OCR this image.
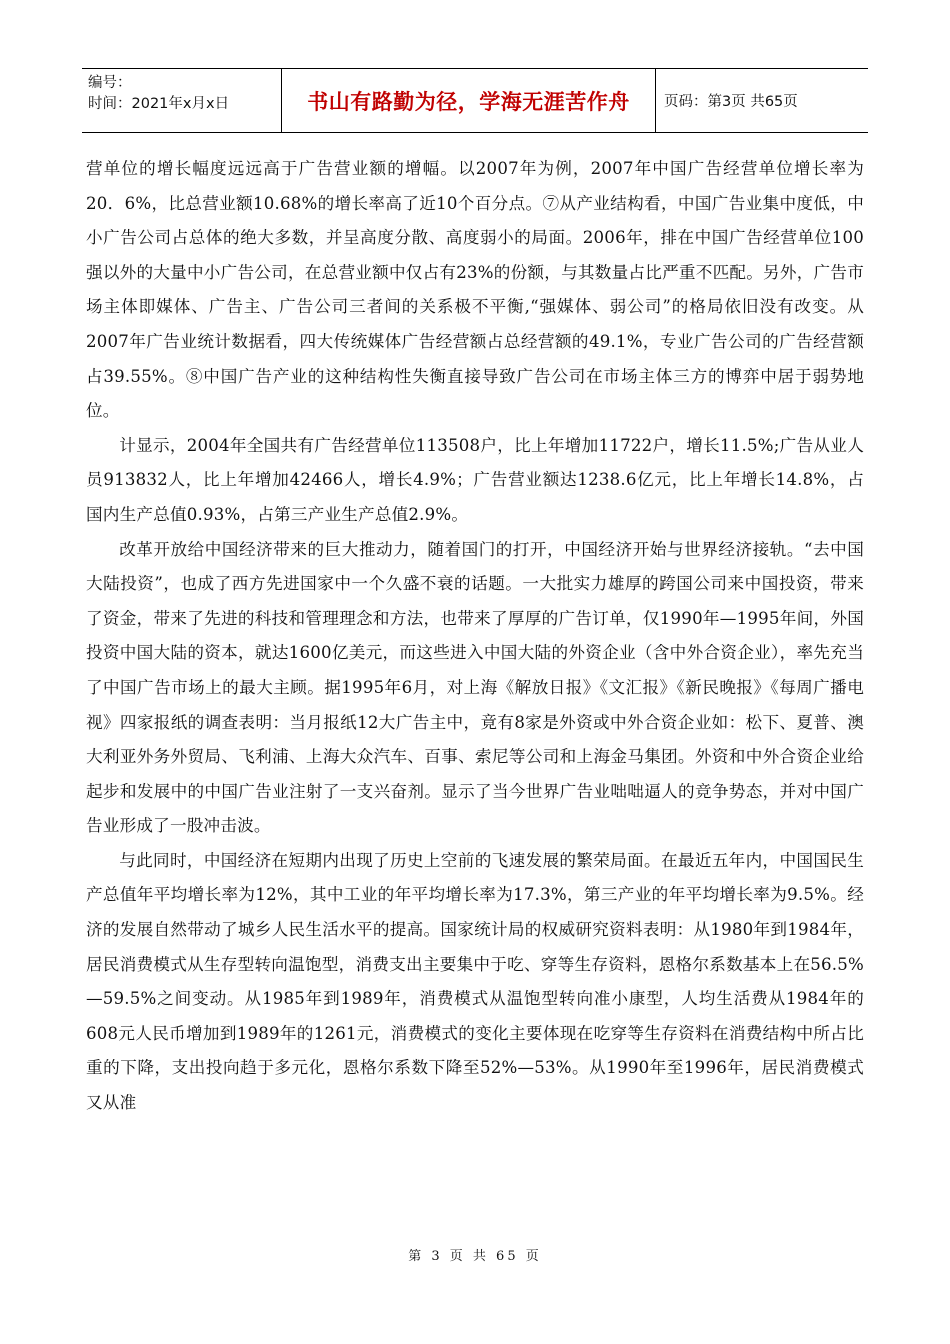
编号：
时间：2021年x月x日	书山有路勤为径，学海无涯苦作舟 页码：第3页 共65页

营单位的增长幅度远远高于广告营业额的增幅。以2007年为例，2007年中国广告经营单位增长率为20．6%，比总营业额10.68%的增长率高了近10个百分点。⑦从产业结构看，中国广告业集中度低，中小广告公司占总体的绝大多数，并呈高度分散、高度弱小的局面。2006年，排在中国广告经营单位100强以外的大量中小广告公司，在总营业额中仅占有23%的份额，与其数量占比严重不匹配。另外，广告市场主体即媒体、广告主、广告公司三者间的关系极不平衡,“强媒体、弱公司”的格局依旧没有改变。从2007年广告业统计数据看，四大传统媒体广告经营额占总经营额的49.1%，专业广告公司的广告经营额占39.55%。⑧中国广告产业的这种结构性失衡直接导致广告公司在市场主体三方的博弈中居于弱势地位。

计显示，2004年全国共有广告经营单位113508户，比上年增加11722户，增长11.5%;广告从业人员913832人，比上年增加42466人，增长4.9%；广告营业额达1238.6亿元，比上年增长14.8%，占国内生产总值0.93%，占第三产业生产总值2.9%。

改革开放给中国经济带来的巨大推动力，随着国门的打开，中国经济开始与世界经济接轨。“去中国大陆投资”，也成了西方先进国家中一个久盛不衰的话题。一大批实力雄厚的跨国公司来中国投资，带来了资金，带来了先进的科技和管理理念和方法，也带来了厚厚的广告订单，仅1990年—1995年间，外国投资中国大陆的资本，就达1600亿美元，而这些进入中国大陆的外资企业（含中外合资企业），率先充当了中国广告市场上的最大主顾。据1995年6月，对上海《解放日报》《文汇报》《新民晚报》《每周广播电视》四家报纸的调查表明：当月报纸12大广告主中，竟有8家是外资或中外合资企业如：松下、夏普、澳大利亚外务外贸局、飞利浦、上海大众汽车、百事、索尼等公司和上海金马集团。外资和中外合资企业给起步和发展中的中国广告业注射了一支兴奋剂。显示了当今世界广告业咄咄逼人的竞争势态，并对中国广告业形成了一股冲击波。

与此同时，中国经济在短期内出现了历史上空前的飞速发展的繁荣局面。在最近五年内，中国国民生产总值年平均增长率为12%，其中工业的年平均增长率为17.3%，第三产业的年平均增长率为9.5%。经济的发展自然带动了城乡人民生活水平的提高。国家统计局的权威研究资料表明：从1980年到1984年，居民消费模式从生存型转向温饱型，消费支出主要集中于吃、穿等生存资料，恩格尔系数基本上在56.5%—59.5%之间变动。从1985年到1989年，消费模式从温饱型转向准小康型，人均生活费从1984年的608元人民币增加到1989年的1261元，消费模式的变化主要体现在吃穿等生存资料在消费结构中所占比重的下降，支出投向趋于多元化，恩格尔系数下降至52%—53%。从1990年至1996年，居民消费模式又从准

第 3 页 共 65 页
